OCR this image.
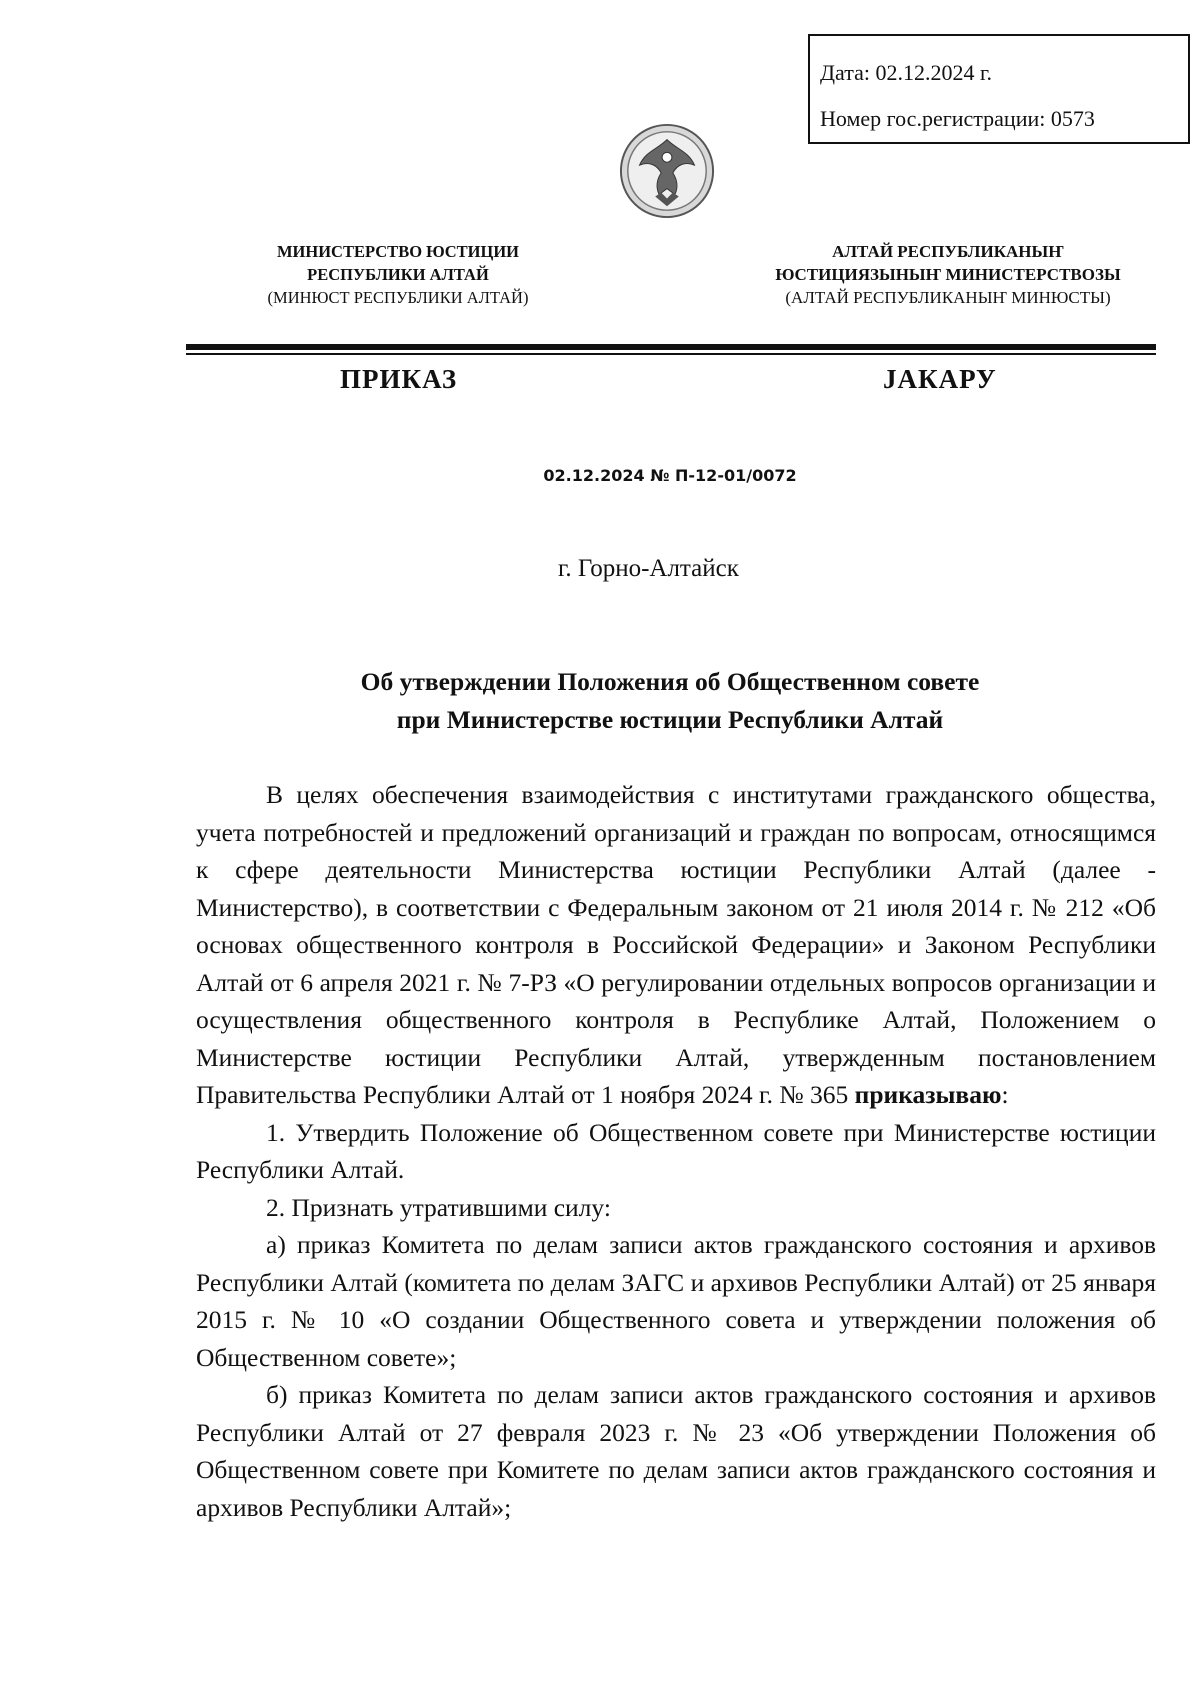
Дата: 02.12.2024 г.
Номер гос.регистрации: 0573
МИНИСТЕРСТВО ЮСТИЦИИ
РЕСПУБЛИКИ АЛТАЙ
(МИНЮСТ РЕСПУБЛИКИ АЛТАЙ)
АЛТАЙ РЕСПУБЛИКАНЫҤ
ЮСТИЦИЯЗЫНЫҤ МИНИСТЕРСТВОЗЫ
(АЛТАЙ РЕСПУБЛИКАНЫҤ МИНЮСТЫ)
ПРИКАЗ	JАКАРУ
02.12.2024 № П-12-01/0072
г. Горно-Алтайск
Об утверждении Положения об Общественном совете
при Министерстве юстиции Республики Алтай

В целях обеспечения взаимодействия с институтами гражданского общества, учета потребностей и предложений организаций и граждан по вопросам, относящимся к сфере деятельности Министерства юстиции Республики Алтай (далее - Министерство), в соответствии с Федеральным законом от 21 июля 2014 г. № 212 «Об основах общественного контроля в Российской Федерации» и Законом Республики Алтай от 6 апреля 2021 г. № 7-РЗ «О регулировании отдельных вопросов организации и осуществления общественного контроля в Республике Алтай, Положением о Министерстве юстиции Республики Алтай, утвержденным постановлением Правительства Республики Алтай от 1 ноября 2024 г. № 365 приказываю:

1. Утвердить Положение об Общественном совете при Министерстве юстиции Республики Алтай.

2. Признать утратившими силу:

а) приказ Комитета по делам записи актов гражданского состояния и архивов Республики Алтай (комитета по делам ЗАГС и архивов Республики Алтай) от 25 января 2015 г. № 10 «О создании Общественного совета и утверждении положения об Общественном совете»;

б) приказ Комитета по делам записи актов гражданского состояния и архивов Республики Алтай от 27 февраля 2023 г. № 23 «Об утверждении Положения об Общественном совете при Комитете по делам записи актов гражданского состояния и архивов Республики Алтай»;
